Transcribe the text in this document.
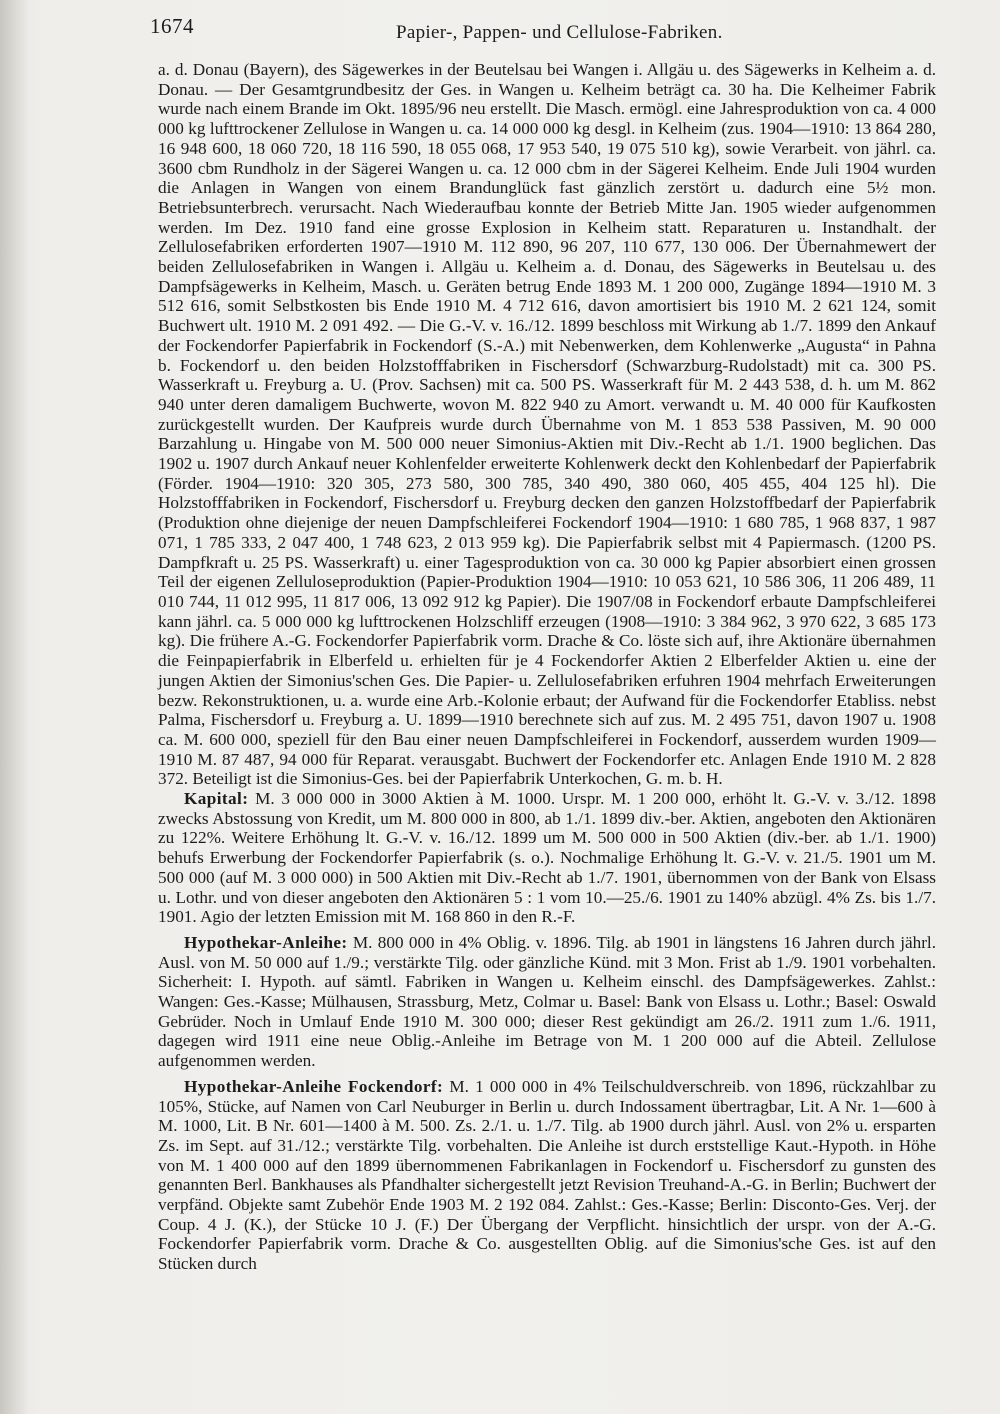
1674	Papier-, Pappen- und Cellulose-Fabriken.

a. d. Donau (Bayern), des Sägewerkes in der Beutelsau bei Wangen i. Allgäu u. des Sägewerks in Kelheim a. d. Donau. — Der Gesamtgrundbesitz der Ges. in Wangen u. Kelheim beträgt ca. 30 ha. Die Kelheimer Fabrik wurde nach einem Brande im Okt. 1895/96 neu erstellt. Die Masch. ermögl. eine Jahresproduktion von ca. 4 000 000 kg lufttrockener Zellulose in Wangen u. ca. 14 000 000 kg desgl. in Kelheim (zus. 1904—1910: 13 864 280, 16 948 600, 18 060 720, 18 116 590, 18 055 068, 17 953 540, 19 075 510 kg), sowie Verarbeit. von jährl. ca. 3600 cbm Rundholz in der Sägerei Wangen u. ca. 12 000 cbm in der Sägerei Kelheim. Ende Juli 1904 wurden die Anlagen in Wangen von einem Brandunglück fast gänzlich zerstört u. dadurch eine 5½ mon. Betriebsunterbrech. verursacht. Nach Wiederaufbau konnte der Betrieb Mitte Jan. 1905 wieder aufgenommen werden. Im Dez. 1910 fand eine grosse Explosion in Kelheim statt. Reparaturen u. Instandhalt. der Zellulosefabriken erforderten 1907—1910 M. 112 890, 96 207, 110 677, 130 006. Der Übernahmewert der beiden Zellulosefabriken in Wangen i. Allgäu u. Kelheim a. d. Donau, des Sägewerks in Beutelsau u. des Dampfsägewerks in Kelheim, Masch. u. Geräten betrug Ende 1893 M. 1 200 000, Zugänge 1894—1910 M. 3 512 616, somit Selbstkosten bis Ende 1910 M. 4 712 616, davon amortisiert bis 1910 M. 2 621 124, somit Buchwert ult. 1910 M. 2 091 492. — Die G.-V. v. 16./12. 1899 beschloss mit Wirkung ab 1./7. 1899 den Ankauf der Fockendorfer Papierfabrik in Fockendorf (S.-A.) mit Nebenwerken, dem Kohlenwerke „Augusta“ in Pahna b. Fockendorf u. den beiden Holzstofffabriken in Fischersdorf (Schwarzburg-Rudolstadt) mit ca. 300 PS. Wasserkraft u. Freyburg a. U. (Prov. Sachsen) mit ca. 500 PS. Wasserkraft für M. 2 443 538, d. h. um M. 862 940 unter deren damaligem Buchwerte, wovon M. 822 940 zu Amort. verwandt u. M. 40 000 für Kaufkosten zurückgestellt wurden. Der Kaufpreis wurde durch Übernahme von M. 1 853 538 Passiven, M. 90 000 Barzahlung u. Hingabe von M. 500 000 neuer Simonius-Aktien mit Div.-Recht ab 1./1. 1900 beglichen. Das 1902 u. 1907 durch Ankauf neuer Kohlenfelder erweiterte Kohlenwerk deckt den Kohlenbedarf der Papierfabrik (Förder. 1904—1910: 320 305, 273 580, 300 785, 340 490, 380 060, 405 455, 404 125 hl). Die Holzstofffabriken in Fockendorf, Fischersdorf u. Freyburg decken den ganzen Holzstoffbedarf der Papierfabrik (Produktion ohne diejenige der neuen Dampfschleiferei Fockendorf 1904—1910: 1 680 785, 1 968 837, 1 987 071, 1 785 333, 2 047 400, 1 748 623, 2 013 959 kg). Die Papierfabrik selbst mit 4 Papiermasch. (1200 PS. Dampfkraft u. 25 PS. Wasserkraft) u. einer Tagesproduktion von ca. 30 000 kg Papier absorbiert einen grossen Teil der eigenen Zelluloseproduktion (Papier-Produktion 1904—1910: 10 053 621, 10 586 306, 11 206 489, 11 010 744, 11 012 995, 11 817 006, 13 092 912 kg Papier). Die 1907/08 in Fockendorf erbaute Dampfschleiferei kann jährl. ca. 5 000 000 kg lufttrockenen Holzschliff erzeugen (1908—1910: 3 384 962, 3 970 622, 3 685 173 kg). Die frühere A.-G. Fockendorfer Papierfabrik vorm. Drache & Co. löste sich auf, ihre Aktionäre übernahmen die Feinpapierfabrik in Elberfeld u. erhielten für je 4 Fockendorfer Aktien 2 Elberfelder Aktien u. eine der jungen Aktien der Simonius'schen Ges. Die Papier- u. Zellulosefabriken erfuhren 1904 mehrfach Erweiterungen bezw. Rekonstruktionen, u. a. wurde eine Arb.-Kolonie erbaut; der Aufwand für die Fockendorfer Etabliss. nebst Palma, Fischersdorf u. Freyburg a. U. 1899—1910 berechnete sich auf zus. M. 2 495 751, davon 1907 u. 1908 ca. M. 600 000, speziell für den Bau einer neuen Dampfschleiferei in Fockendorf, ausserdem wurden 1909—1910 M. 87 487, 94 000 für Reparat. verausgabt. Buchwert der Fockendorfer etc. Anlagen Ende 1910 M. 2 828 372. Beteiligt ist die Simonius-Ges. bei der Papierfabrik Unterkochen, G. m. b. H.

Kapital: M. 3 000 000 in 3000 Aktien à M. 1000. Urspr. M. 1 200 000, erhöht lt. G.-V. v. 3./12. 1898 zwecks Abstossung von Kredit, um M. 800 000 in 800, ab 1./1. 1899 div.-ber. Aktien, angeboten den Aktionären zu 122%. Weitere Erhöhung lt. G.-V. v. 16./12. 1899 um M. 500 000 in 500 Aktien (div.-ber. ab 1./1. 1900) behufs Erwerbung der Fockendorfer Papierfabrik (s. o.). Nochmalige Erhöhung lt. G.-V. v. 21./5. 1901 um M. 500 000 (auf M. 3 000 000) in 500 Aktien mit Div.-Recht ab 1./7. 1901, übernommen von der Bank von Elsass u. Lothr. und von dieser angeboten den Aktionären 5 : 1 vom 10.—25./6. 1901 zu 140% abzügl. 4% Zs. bis 1./7. 1901. Agio der letzten Emission mit M. 168 860 in den R.-F.

Hypothekar-Anleihe: M. 800 000 in 4% Oblig. v. 1896. Tilg. ab 1901 in längstens 16 Jahren durch jährl. Ausl. von M. 50 000 auf 1./9.; verstärkte Tilg. oder gänzliche Künd. mit 3 Mon. Frist ab 1./9. 1901 vorbehalten. Sicherheit: I. Hypoth. auf sämtl. Fabriken in Wangen u. Kelheim einschl. des Dampfsägewerkes. Zahlst.: Wangen: Ges.-Kasse; Mülhausen, Strassburg, Metz, Colmar u. Basel: Bank von Elsass u. Lothr.; Basel: Oswald Gebrüder. Noch in Umlauf Ende 1910 M. 300 000; dieser Rest gekündigt am 26./2. 1911 zum 1./6. 1911, dagegen wird 1911 eine neue Oblig.-Anleihe im Betrage von M. 1 200 000 auf die Abteil. Zellulose aufgenommen werden.

Hypothekar-Anleihe Fockendorf: M. 1 000 000 in 4% Teilschuldverschreib. von 1896, rückzahlbar zu 105%, Stücke, auf Namen von Carl Neuburger in Berlin u. durch Indossament übertragbar, Lit. A Nr. 1—600 à M. 1000, Lit. B Nr. 601—1400 à M. 500. Zs. 2./1. u. 1./7. Tilg. ab 1900 durch jährl. Ausl. von 2% u. ersparten Zs. im Sept. auf 31./12.; verstärkte Tilg. vorbehalten. Die Anleihe ist durch erststellige Kaut.-Hypoth. in Höhe von M. 1 400 000 auf den 1899 übernommenen Fabrikanlagen in Fockendorf u. Fischersdorf zu gunsten des genannten Berl. Bankhauses als Pfandhalter sichergestellt jetzt Revision Treuhand-A.-G. in Berlin; Buchwert der verpfänd. Objekte samt Zubehör Ende 1903 M. 2 192 084. Zahlst.: Ges.-Kasse; Berlin: Disconto-Ges. Verj. der Coup. 4 J. (K.), der Stücke 10 J. (F.) Der Übergang der Verpflicht. hinsichtlich der urspr. von der A.-G. Fockendorfer Papierfabrik vorm. Drache & Co. ausgestellten Oblig. auf die Simonius'sche Ges. ist auf den Stücken durch
